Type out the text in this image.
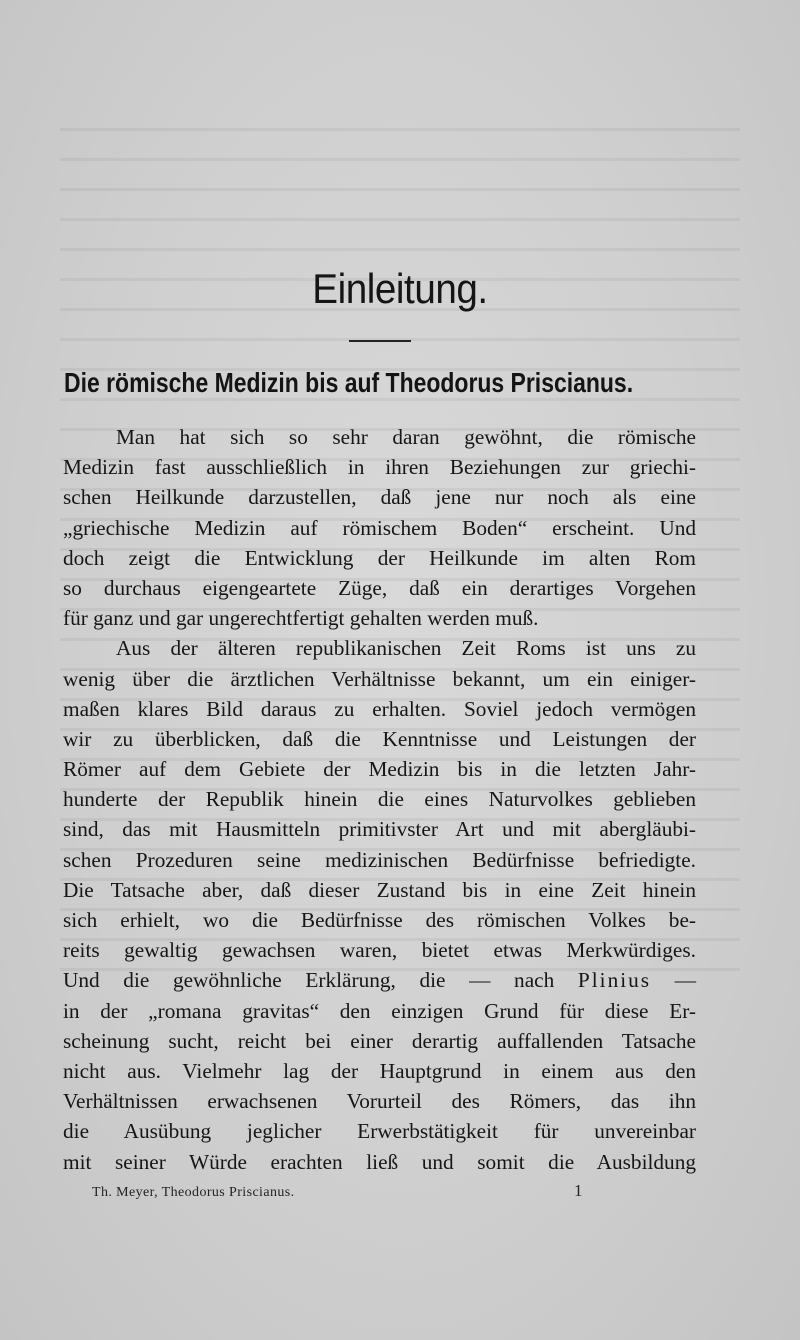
Einleitung.
Die römische Medizin bis auf Theodorus Priscianus.
Man hat sich so sehr daran gewöhnt, die römische
Medizin fast ausschließlich in ihren Beziehungen zur griechi-
schen Heilkunde darzustellen, daß jene nur noch als eine
„griechische Medizin auf römischem Boden“ erscheint. Und
doch zeigt die Entwicklung der Heilkunde im alten Rom
so durchaus eigengeartete Züge, daß ein derartiges Vorgehen
für ganz und gar ungerechtfertigt gehalten werden muß.
Aus der älteren republikanischen Zeit Roms ist uns zu
wenig über die ärztlichen Verhältnisse bekannt, um ein einiger-
maßen klares Bild daraus zu erhalten. Soviel jedoch vermögen
wir zu überblicken, daß die Kenntnisse und Leistungen der
Römer auf dem Gebiete der Medizin bis in die letzten Jahr-
hunderte der Republik hinein die eines Naturvolkes geblieben
sind, das mit Hausmitteln primitivster Art und mit abergläubi-
schen Prozeduren seine medizinischen Bedürfnisse befriedigte.
Die Tatsache aber, daß dieser Zustand bis in eine Zeit hinein
sich erhielt, wo die Bedürfnisse des römischen Volkes be-
reits gewaltig gewachsen waren, bietet etwas Merkwürdiges.
Und die gewöhnliche Erklärung, die — nach Plinius —
in der „romana gravitas“ den einzigen Grund für diese Er-
scheinung sucht, reicht bei einer derartig auffallenden Tatsache
nicht aus. Vielmehr lag der Hauptgrund in einem aus den
Verhältnissen erwachsenen Vorurteil des Römers, das ihn
die Ausübung jeglicher Erwerbstätigkeit für unvereinbar
mit seiner Würde erachten ließ und somit die Ausbildung
Th. Meyer, Theodorus Priscianus.	1
